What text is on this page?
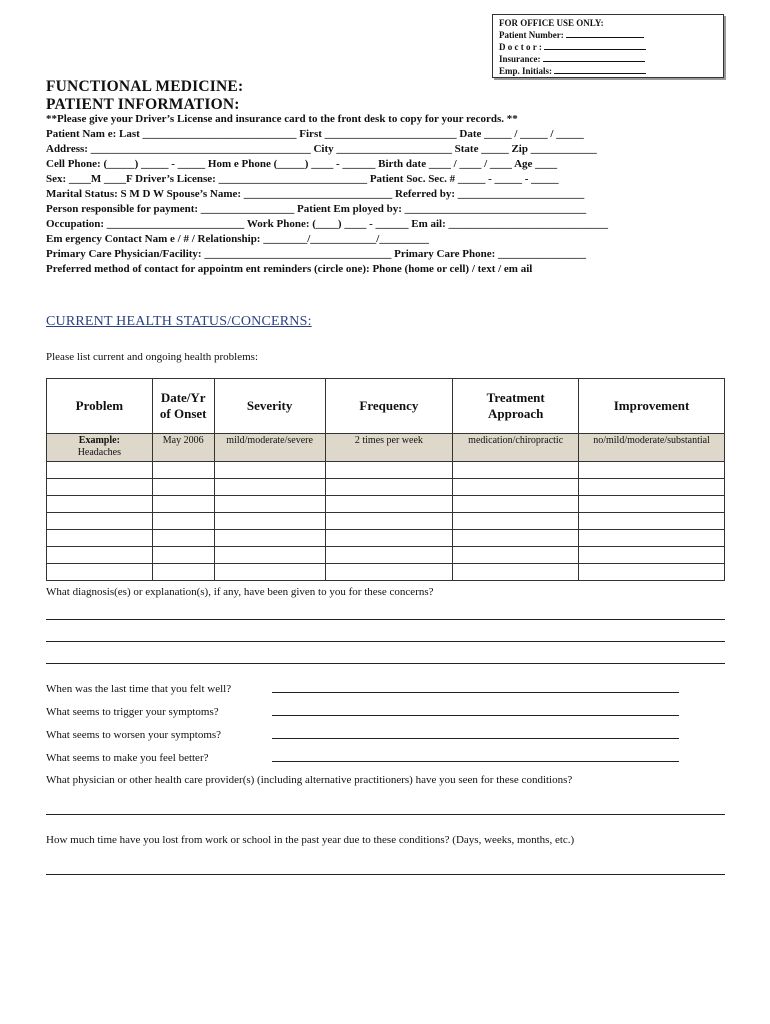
FOR OFFICE USE ONLY:
Patient Number:
D o c t o r :
Insurance:
Emp. Initials:
FUNCTIONAL MEDICINE:
PATIENT INFORMATION:
**Please give your Driver’s License and insurance card to the front desk to copy for your records. **
Patient Nam e: Last ____________________________ First ________________________ Date _____ / _____ / _____
Address: ________________________________________ City _____________________ State _____ Zip ____________
Cell Phone: (_____) _____ - _____ Hom e Phone (_____) ____ - ______ Birth date ____ / ____ / ____ Age ____
Sex: ____M ____F Driver’s License: ___________________________ Patient Soc. Sec. # _____ - _____ - _____
Marital Status: S M D W Spouse’s Name: ___________________________ Referred by: _______________________
Person responsible for payment: _________________ Patient Em ployed by: _________________________________
Occupation: _________________________ Work Phone: (____) ____ - ______ Em ail: _____________________________
Em ergency Contact Nam e / # / Relationship: ________/____________/_________
Primary Care Physician/Facility: __________________________________ Primary Care Phone: ________________
Preferred method of contact for appointm ent reminders (circle one): Phone (home or cell) / text / em ail
CURRENT HEALTH STATUS/CONCERNS:
Please list current and ongoing health problems:
Problem	Date/Yr of Onset	Severity	Frequency	Treatment Approach	Improvement

Example:
Headaches	May 2006	mild/moderate/severe	2 times per week	medication/chiropractic	no/mild/moderate/substantial

What diagnosis(es) or explanation(s), if any, have been given to you for these concerns?
When was the last time that you felt well?
What seems to trigger your symptoms?
What seems to worsen your symptoms?
What seems to make you feel better?
What physician or other health care provider(s) (including alternative practitioners) have you seen for these conditions?
How much time have you lost from work or school in the past year due to these conditions? (Days, weeks, months, etc.)
